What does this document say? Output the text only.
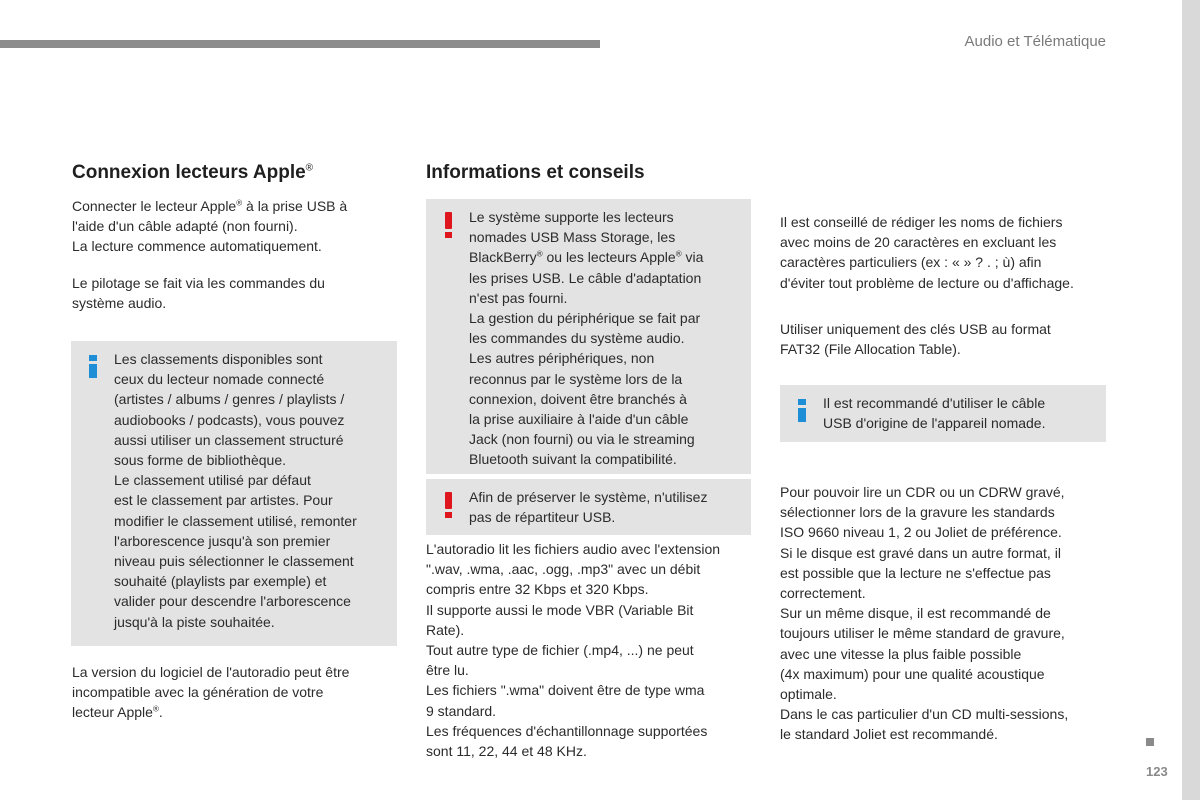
Audio et Télématique
123
Connexion lecteurs Apple®
Connecter le lecteur Apple® à la prise USB à
l'aide d'un câble adapté (non fourni).
La lecture commence automatiquement.
Le pilotage se fait via les commandes du
système audio.
Les classements disponibles sont
ceux du lecteur nomade connecté
(artistes / albums / genres / playlists /
audiobooks / podcasts), vous pouvez
aussi utiliser un classement structuré
sous forme de bibliothèque.
Le classement utilisé par défaut
est le classement par artistes. Pour
modifier le classement utilisé, remonter
l'arborescence jusqu'à son premier
niveau puis sélectionner le classement
souhaité (playlists par exemple) et
valider pour descendre l'arborescence
jusqu'à la piste souhaitée.
La version du logiciel de l'autoradio peut être
incompatible avec la génération de votre
lecteur Apple®.
Informations et conseils
Le système supporte les lecteurs
nomades USB Mass Storage, les
BlackBerry® ou les lecteurs Apple® via
les prises USB. Le câble d'adaptation
n'est pas fourni.
La gestion du périphérique se fait par
les commandes du système audio.
Les autres périphériques, non
reconnus par le système lors de la
connexion, doivent être branchés à
la prise auxiliaire à l'aide d'un câble
Jack (non fourni) ou via le streaming
Bluetooth suivant la compatibilité.
Afin de préserver le système, n'utilisez
pas de répartiteur USB.
L'autoradio lit les fichiers audio avec l'extension
".wav, .wma, .aac, .ogg, .mp3" avec un débit
compris entre 32 Kbps et 320 Kbps.
Il supporte aussi le mode VBR (Variable Bit
Rate).
Tout autre type de fichier (.mp4, ...) ne peut
être lu.
Les fichiers ".wma" doivent être de type wma
9 standard.
Les fréquences d'échantillonnage supportées
sont 11, 22, 44 et 48 KHz.
Il est conseillé de rédiger les noms de fichiers
avec moins de 20 caractères en excluant les
caractères particuliers (ex : « » ? . ; ù) afin
d'éviter tout problème de lecture ou d'affichage.
Utiliser uniquement des clés USB au format
FAT32 (File Allocation Table).
Il est recommandé d'utiliser le câble
USB d'origine de l'appareil nomade.
Pour pouvoir lire un CDR ou un CDRW gravé,
sélectionner lors de la gravure les standards
ISO 9660 niveau 1, 2 ou Joliet de préférence.
Si le disque est gravé dans un autre format, il
est possible que la lecture ne s'effectue pas
correctement.
Sur un même disque, il est recommandé de
toujours utiliser le même standard de gravure,
avec une vitesse la plus faible possible
(4x maximum) pour une qualité acoustique
optimale.
Dans le cas particulier d'un CD multi-sessions,
le standard Joliet est recommandé.
